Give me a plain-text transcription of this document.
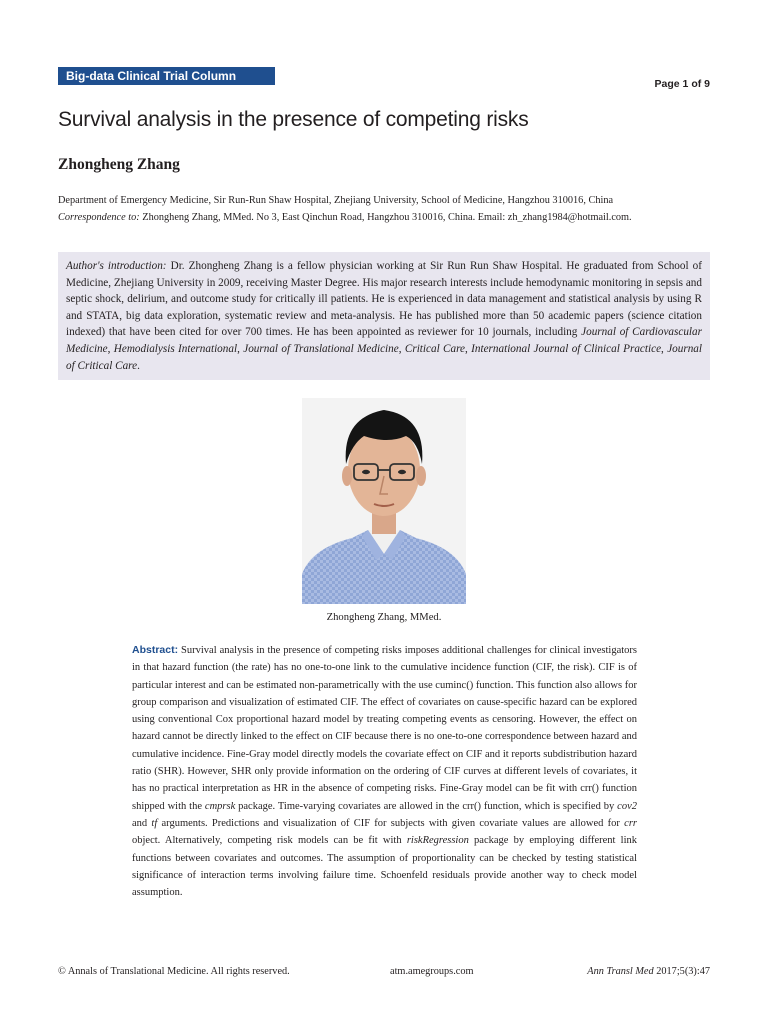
Big-data Clinical Trial Column
Page 1 of 9
Survival analysis in the presence of competing risks
Zhongheng Zhang
Department of Emergency Medicine, Sir Run-Run Shaw Hospital, Zhejiang University, School of Medicine, Hangzhou 310016, China
Correspondence to: Zhongheng Zhang, MMed. No 3, East Qinchun Road, Hangzhou 310016, China. Email: zh_zhang1984@hotmail.com.
Author's introduction: Dr. Zhongheng Zhang is a fellow physician working at Sir Run Run Shaw Hospital. He graduated from School of Medicine, Zhejiang University in 2009, receiving Master Degree. His major research interests include hemodynamic monitoring in sepsis and septic shock, delirium, and outcome study for critically ill patients. He is experienced in data management and statistical analysis by using R and STATA, big data exploration, systematic review and meta-analysis. He has published more than 50 academic papers (science citation indexed) that have been cited for over 700 times. He has been appointed as reviewer for 10 journals, including Journal of Cardiovascular Medicine, Hemodialysis International, Journal of Translational Medicine, Critical Care, International Journal of Clinical Practice, Journal of Critical Care.
Zhongheng Zhang, MMed.
Abstract: Survival analysis in the presence of competing risks imposes additional challenges for clinical investigators in that hazard function (the rate) has no one-to-one link to the cumulative incidence function (CIF, the risk). CIF is of particular interest and can be estimated non-parametrically with the use cuminc() function. This function also allows for group comparison and visualization of estimated CIF. The effect of covariates on cause-specific hazard can be explored using conventional Cox proportional hazard model by treating competing events as censoring. However, the effect on hazard cannot be directly linked to the effect on CIF because there is no one-to-one correspondence between hazard and cumulative incidence. Fine-Gray model directly models the covariate effect on CIF and it reports subdistribution hazard ratio (SHR). However, SHR only provide information on the ordering of CIF curves at different levels of covariates, it has no practical interpretation as HR in the absence of competing risks. Fine-Gray model can be fit with crr() function shipped with the cmprsk package. Time-varying covariates are allowed in the crr() function, which is specified by cov2 and tf arguments. Predictions and visualization of CIF for subjects with given covariate values are allowed for crr object. Alternatively, competing risk models can be fit with riskRegression package by employing different link functions between covariates and outcomes. The assumption of proportionality can be checked by testing statistical significance of interaction terms involving failure time. Schoenfeld residuals provide another way to check model assumption.
© Annals of Translational Medicine. All rights reserved.	atm.amegroups.com	Ann Transl Med 2017;5(3):47
